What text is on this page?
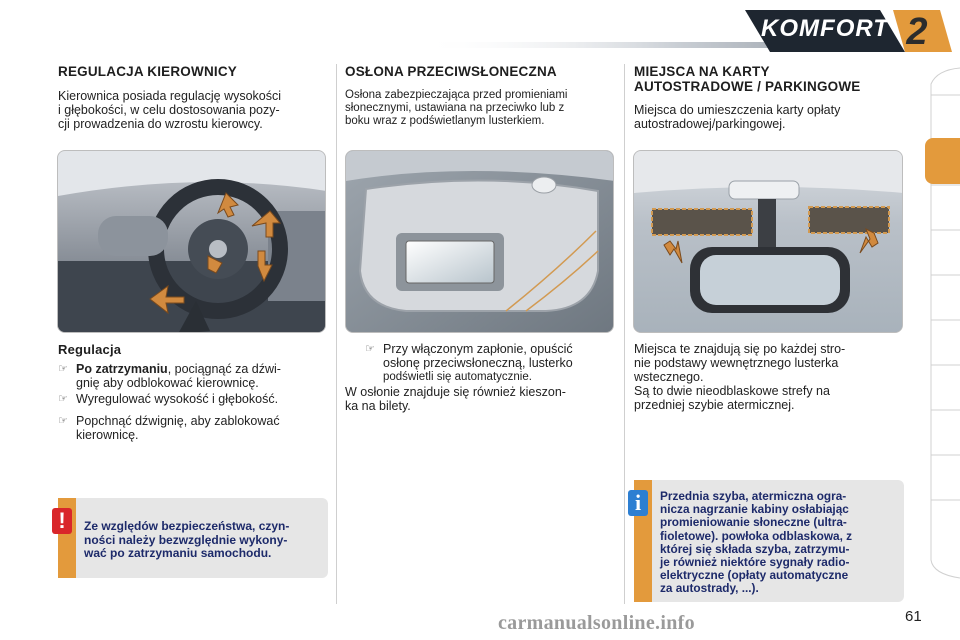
KOMFORT 2
REGULACJA KIEROWNICY
Kierownica posiada regulację wysokości
i głębokości, w celu dostosowania pozy-
cji prowadzenia do wzrostu kierowcy.
Regulacja
☞ Po zatrzymaniu, pociągnąć za dźwi-
gnię aby odblokować kierownicę.
☞ Wyregulować wysokość i głębokość.
☞ Popchnąć dźwignię, aby zablokować
kierownicę.
Ze względów bezpieczeństwa, czyn-
ności należy bezwzględnie wykony-
wać po zatrzymaniu samochodu.
!
OSŁONA PRZECIWSŁONECZNA
Osłona zabezpieczająca przed promieniami
słonecznymi, ustawiana na przeciwko lub z
boku wraz z podświetlanym lusterkiem.
☞ Przy włączonym zapłonie, opuścić
osłonę przeciwsłoneczną, lusterko
podświetli się automatycznie.
W osłonie znajduje się również kieszon-
ka na bilety.
MIEJSCA NA KARTY
AUTOSTRADOWE / PARKINGOWE
Miejsca do umieszczenia karty opłaty
autostradowej/parkingowej.
Miejsca te znajdują się po każdej stro-
nie podstawy wewnętrznego lusterka
wstecznego.
Są to dwie nieodblaskowe strefy na
przedniej szybie atermicznej.
Przednia szyba, atermiczna ogra-
nicza nagrzanie kabiny osłabiając
promieniowanie słoneczne (ultra-
fioletowe). powłoka odblaskowa, z
której się składa szyba, zatrzymu-
je również niektóre sygnały radio-
elektryczne (opłaty automatyczne
za autostrady, ...).
i
carmanualsonline.info	61
